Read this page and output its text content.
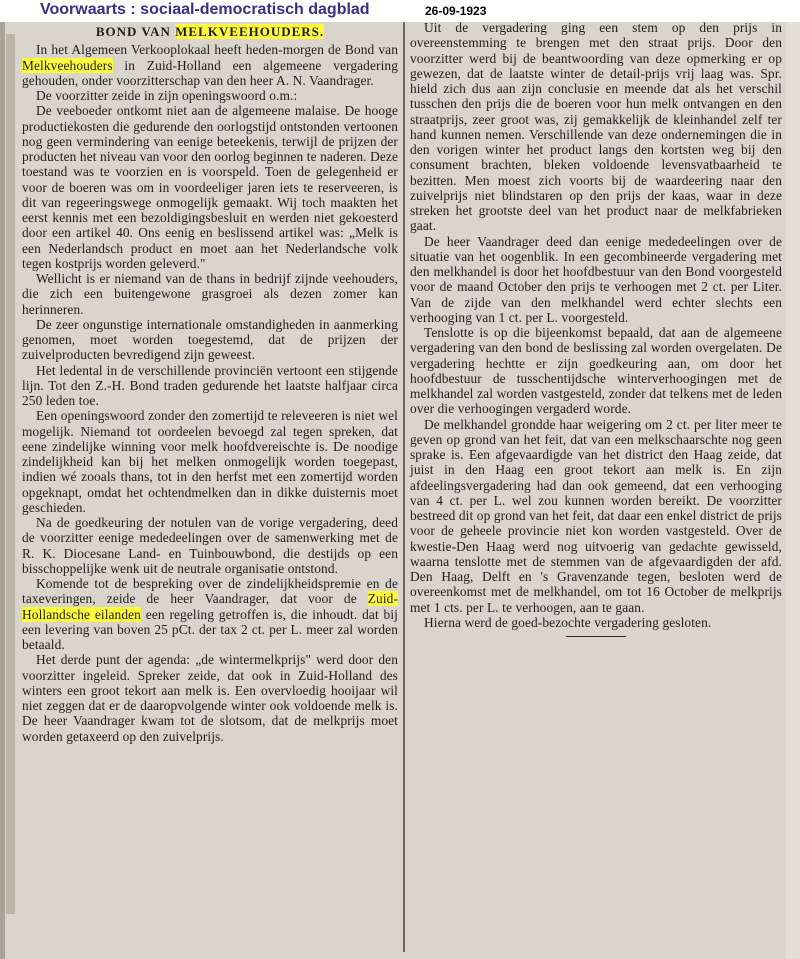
Voorwaarts : sociaal-democratisch dagblad	26-09-1923

BOND VAN MELKVEEHOUDERS.

In het Algemeen Verkooplokaal heeft heden-morgen de Bond van Melkveehouders in Zuid-Holland een algemeene vergadering gehouden, onder voorzitterschap van den heer A. N. Vaandrager.

De voorzitter zeide in zijn openingswoord o.m.:

De veeboeder ontkomt niet aan de algemeene malaise. De hooge productiekosten die gedurende den oorlogstijd ontstonden vertoonen nog geen vermindering van eenige beteekenis, terwijl de prijzen der producten het niveau van voor den oorlog beginnen te naderen. Deze toestand was te voorzien en is voorspeld. Toen de gelegenheid er voor de boeren was om in voordeeliger jaren iets te reserveeren, is dit van regeeringswege onmogelijk gemaakt. Wij toch maakten het eerst kennis met een bezoldigingsbesluit en werden niet gekoesterd door een artikel 40. Ons eenig en beslissend artikel was: „Melk is een Nederlandsch product en moet aan het Nederlandsche volk tegen kostprijs worden geleverd."

Wellicht is er niemand van de thans in bedrijf zijnde veehouders, die zich een buitengewone grasgroei als dezen zomer kan herinneren.

De zeer ongunstige internationale omstandigheden in aanmerking genomen, moet worden toegestemd, dat de prijzen der zuivelproducten bevredigend zijn geweest.

Het ledental in de verschillende provinciën vertoont een stijgende lijn. Tot den Z.-H. Bond traden gedurende het laatste halfjaar circa 250 leden toe.

Een openingswoord zonder den zomertijd te releveeren is niet wel mogelijk. Niemand tot oordeelen bevoegd zal tegen spreken, dat eene zindelijke winning voor melk hoofdvereischte is. De noodige zindelijkheid kan bij het melken onmogelijk worden toegepast, indien wé zooals thans, tot in den herfst met een zomertijd worden opgeknapt, omdat het ochtendmelken dan in dikke duisternis moet geschieden.

Na de goedkeuring der notulen van de vorige vergadering, deed de voorzitter eenige mededeelingen over de samenwerking met de R. K. Diocesane Land- en Tuinbouwbond, die destijds op een bisschoppelijke wenk uit de neutrale organisatie ontstond.

Komende tot de bespreking over de zindelijkheidspremie en de taxeveringen, zeide de heer Vaandrager, dat voor de Zuid-Hollandsche eilanden een regeling getroffen is, die inhoudt. dat bij een levering van boven 25 pCt. der tax 2 ct. per L. meer zal worden betaald.

Het derde punt der agenda: „de wintermelkprijs" werd door den voorzitter ingeleid. Spreker zeide, dat ook in Zuid-Holland des winters een groot tekort aan melk is. Een overvloedig hooijaar wil niet zeggen dat er de daaropvolgende winter ook voldoende melk is. De heer Vaandrager kwam tot de slotsom, dat de melkprijs moet worden getaxeerd op den zuivelprijs.

Uit de vergadering ging een stem op den prijs in overeenstemming te brengen met den straat prijs. Door den voorzitter werd bij de beantwoording van deze opmerking er op gewezen, dat de laatste winter de detail-prijs vrij laag was. Spr. hield zich dus aan zijn conclusie en meende dat als het verschil tusschen den prijs die de boeren voor hun melk ontvangen en den straatprijs, zeer groot was, zij gemakkelijk de kleinhandel zelf ter hand kunnen nemen. Verschillende van deze ondernemingen die in den vorigen winter het product langs den kortsten weg bij den consument brachten, bleken voldoende levensvatbaarheid te bezitten. Men moest zich voorts bij de waardeering naar den zuivelprijs niet blindstaren op den prijs der kaas, waar in deze streken het grootste deel van het product naar de melkfabrieken gaat.

De heer Vaandrager deed dan eenige mededeelingen over de situatie van het oogenblik. In een gecombineerde vergadering met den melkhandel is door het hoofdbestuur van den Bond voorgesteld voor de maand October den prijs te verhoogen met 2 ct. per Liter. Van de zijde van den melkhandel werd echter slechts een verhooging van 1 ct. per L. voorgesteld.

Tenslotte is op die bijeenkomst bepaald, dat aan de algemeene vergadering van den bond de beslissing zal worden overgelaten. De vergadering hechtte er zijn goedkeuring aan, om door het hoofdbestuur de tusschentijdsche winterverhoogingen met de melkhandel zal worden vastgesteld, zonder dat telkens met de leden over die verhoogingen vergaderd worde.

De melkhandel grondde haar weigering om 2 ct. per liter meer te geven op grond van het feit, dat van een melkschaarschte nog geen sprake is. Een afgevaardigde van het district den Haag zeide, dat juist in den Haag een groot tekort aan melk is. En zijn afdeelingsvergadering had dan ook gemeend, dat een verhooging van 4 ct. per L. wel zou kunnen worden bereikt. De voorzitter bestreed dit op grond van het feit, dat daar een enkel district de prijs voor de geheele provincie niet kon worden vastgesteld. Over de kwestie-Den Haag werd nog uitvoerig van gedachte gewisseld, waarna tenslotte met de stemmen van de afgevaardigden der afd. Den Haag, Delft en 's Gravenzande tegen, besloten werd de overeenkomst met de melkhandel, om tot 16 October de melkprijs met 1 cts. per L. te verhoogen, aan te gaan.

Hierna werd de goed-bezochte vergadering gesloten.
